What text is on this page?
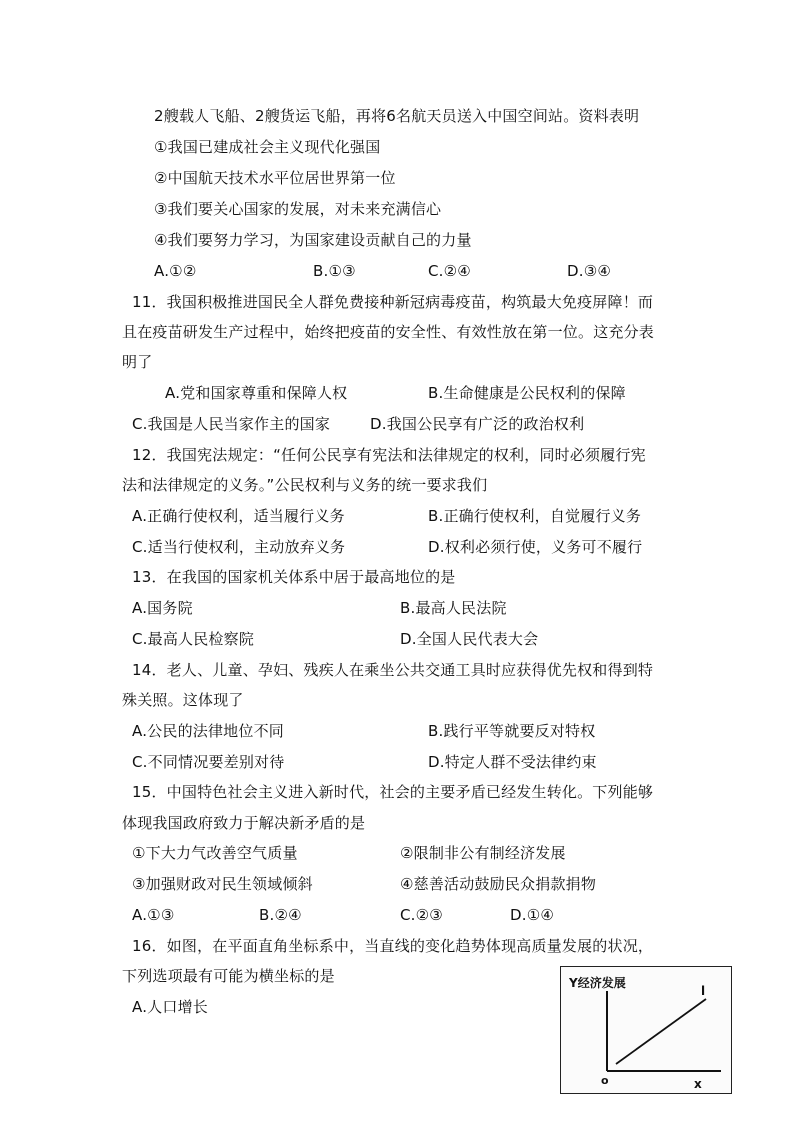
2艘载人飞船、2艘货运飞船，再将6名航天员送入中国空间站。资料表明
①我国已建成社会主义现代化强国
②中国航天技术水平位居世界第一位
③我们要关心国家的发展，对未来充满信心
④我们要努力学习，为国家建设贡献自己的力量
A.①②	B.①③	C.②④	D.③④
11．我国积极推进国民全人群免费接种新冠病毒疫苗，构筑最大免疫屏障！而
且在疫苗研发生产过程中，始终把疫苗的安全性、有效性放在第一位。这充分表
明了
A.党和国家尊重和保障人权	B.生命健康是公民权利的保障
C.我国是人民当家作主的国家	D.我国公民享有广泛的政治权利
12．我国宪法规定：“任何公民享有宪法和法律规定的权利，同时必须履行宪
法和法律规定的义务。”公民权利与义务的统一要求我们
A.正确行使权利，适当履行义务	B.正确行使权利，自觉履行义务
C.适当行使权利，主动放弃义务	D.权利必须行使，义务可不履行
13．在我国的国家机关体系中居于最高地位的是
A.国务院	B.最高人民法院
C.最高人民检察院	D.全国人民代表大会
14．老人、儿童、孕妇、残疾人在乘坐公共交通工具时应获得优先权和得到特
殊关照。这体现了
A.公民的法律地位不同	B.践行平等就要反对特权
C.不同情况要差别对待	D.特定人群不受法律约束
15．中国特色社会主义进入新时代，社会的主要矛盾已经发生转化。下列能够
体现我国政府致力于解决新矛盾的是
①下大力气改善空气质量	②限制非公有制经济发展
③加强财政对民生领域倾斜	④慈善活动鼓励民众捐款捐物
A.①③	B.②④	C.②③	D.①④
16．如图，在平面直角坐标系中，当直线的变化趋势体现高质量发展的状况，
下列选项最有可能为横坐标的是
A.人口增长
Y经济发展
l
o	x
